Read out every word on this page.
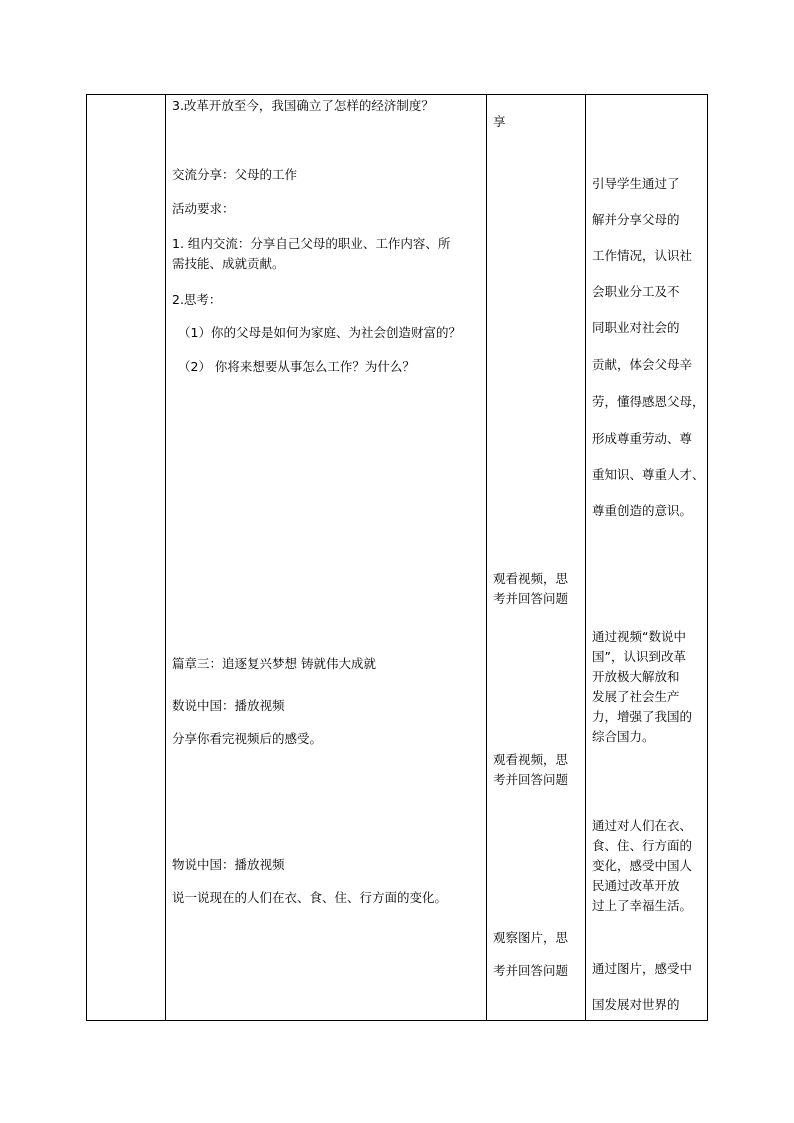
3.改革开放至今，我国确立了怎样的经济制度？
交流分享：父母的工作
活动要求：
1. 组内交流：分享自己父母的职业、工作内容、所
需技能、成就贡献。
2.思考：
（1）你的父母是如何为家庭、为社会创造财富的？
（2） 你将来想要从事怎么工作？为什么？
篇章三：追逐复兴梦想 铸就伟大成就
数说中国：播放视频
分享你看完视频后的感受。
物说中国：播放视频
说一说现在的人们在衣、食、住、行方面的变化。
享
观看视频，思
考并回答问题
观看视频，思
考并回答问题
观察图片，思
考并回答问题
引导学生通过了
解并分享父母的
工作情况，认识社
会职业分工及不
同职业对社会的
贡献，体会父母辛
劳，懂得感恩父母，
形成尊重劳动、尊
重知识、尊重人才、
尊重创造的意识。
通过视频“数说中
国”，认识到改革
开放极大解放和
发展了社会生产
力，增强了我国的
综合国力。
通过对人们在衣、
食、住、行方面的
变化，感受中国人
民通过改革开放
过上了幸福生活。
通过图片，感受中
国发展对世界的
